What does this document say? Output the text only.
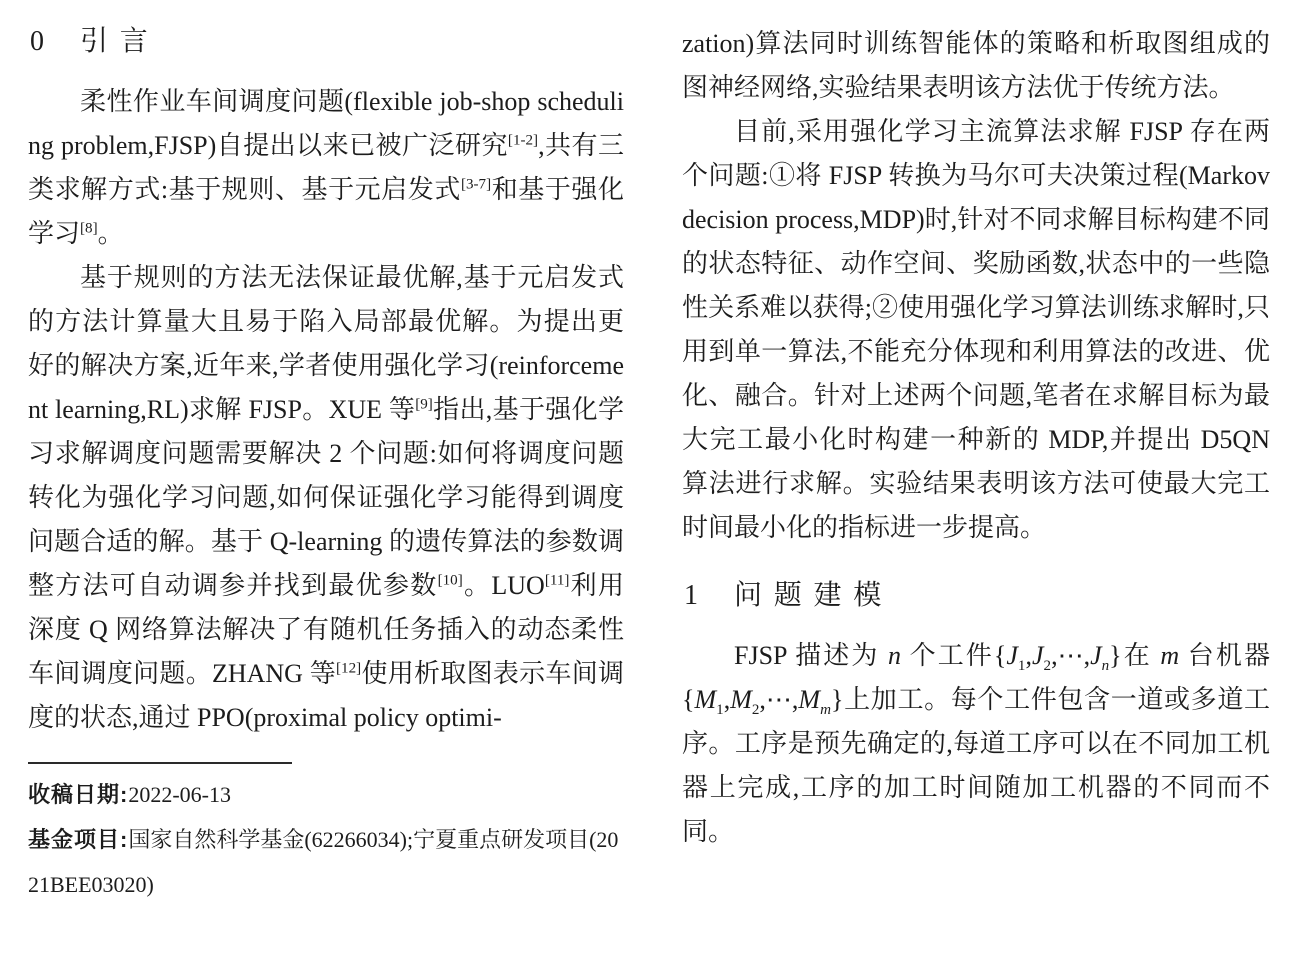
0 引言

柔性作业车间调度问题(flexible job-shop scheduling problem,FJSP)自提出以来已被广泛研究[1-2],共有三类求解方式:基于规则、基于元启发式[3-7]和基于强化学习[8]。

基于规则的方法无法保证最优解,基于元启发式的方法计算量大且易于陷入局部最优解。为提出更好的解决方案,近年来,学者使用强化学习(reinforcement learning,RL)求解 FJSP。XUE 等[9]指出,基于强化学习求解调度问题需要解决 2 个问题:如何将调度问题转化为强化学习问题,如何保证强化学习能得到调度问题合适的解。基于 Q-learning 的遗传算法的参数调整方法可自动调参并找到最优参数[10]。LUO[11]利用深度 Q 网络算法解决了有随机任务插入的动态柔性车间调度问题。ZHANG 等[12]使用析取图表示车间调度的状态,通过 PPO(proximal policy optimi-

收稿日期:2022-06-13

基金项目:国家自然科学基金(62266034);宁夏重点研发项目(2021BEE03020)

zation)算法同时训练智能体的策略和析取图组成的图神经网络,实验结果表明该方法优于传统方法。

目前,采用强化学习主流算法求解 FJSP 存在两个问题:①将 FJSP 转换为马尔可夫决策过程(Markov decision process,MDP)时,针对不同求解目标构建不同的状态特征、动作空间、奖励函数,状态中的一些隐性关系难以获得;②使用强化学习算法训练求解时,只用到单一算法,不能充分体现和利用算法的改进、优化、融合。针对上述两个问题,笔者在求解目标为最大完工最小化时构建一种新的 MDP,并提出 D5QN 算法进行求解。实验结果表明该方法可使最大完工时间最小化的指标进一步提高。

1 问题建模

FJSP 描述为 n 个工件$\{J_1,J_2,\cdots,J_n\}$在 m 台机器$\{M_1,M_2,\cdots,M_m\}$上加工。每个工件包含一道或多道工序。工序是预先确定的,每道工序可以在不同加工机器上完成,工序的加工时间随加工机器的不同而不同。
